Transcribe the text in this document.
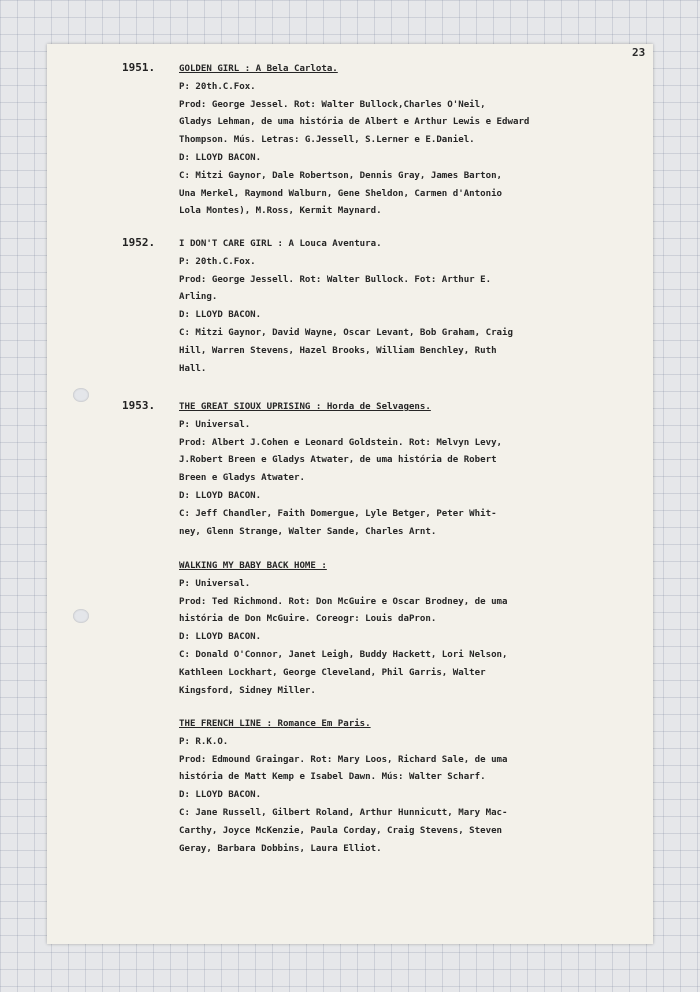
23
1951.	GOLDEN GIRL : A Bela Carlota.
P: 20th.C.Fox.
Prod: George Jessel. Rot: Walter Bullock,Charles O'Neil,
Gladys Lehman, de uma história de Albert e Arthur Lewis e Edward
Thompson. Mús. Letras: G.Jessell, S.Lerner e E.Daniel.
D: LLOYD BACON.
C: Mitzi Gaynor, Dale Robertson, Dennis Gray, James Barton,
Una Merkel, Raymond Walburn, Gene Sheldon, Carmen d'Antonio
Lola Montes), M.Ross, Kermit Maynard.
1952.	I DON'T CARE GIRL : A Louca Aventura.
P: 20th.C.Fox.
Prod: George Jessell. Rot: Walter Bullock. Fot: Arthur E.
Arling.
D: LLOYD BACON.
C: Mitzi Gaynor, David Wayne, Oscar Levant, Bob Graham, Craig
Hill, Warren Stevens, Hazel Brooks, William Benchley, Ruth
Hall.
1953.	THE GREAT SIOUX UPRISING : Horda de Selvagens.
P: Universal.
Prod: Albert J.Cohen e Leonard Goldstein. Rot: Melvyn Levy,
J.Robert Breen e Gladys Atwater, de uma história de Robert
Breen e Gladys Atwater.
D: LLOYD BACON.
C: Jeff Chandler, Faith Domergue, Lyle Betger, Peter Whit-
ney, Glenn Strange, Walter Sande, Charles Arnt.
WALKING MY BABY BACK HOME :
P: Universal.
Prod: Ted Richmond. Rot: Don McGuire e Oscar Brodney, de uma
história de Don McGuire. Coreogr: Louis daPron.
D: LLOYD BACON.
C: Donald O'Connor, Janet Leigh, Buddy Hackett, Lori Nelson,
Kathleen Lockhart, George Cleveland, Phil Garris, Walter
Kingsford, Sidney Miller.
THE FRENCH LINE : Romance Em Paris.
P: R.K.O.
Prod: Edmound Graingar. Rot: Mary Loos, Richard Sale, de uma
história de Matt Kemp e Isabel Dawn. Mús: Walter Scharf.
D: LLOYD BACON.
C: Jane Russell, Gilbert Roland, Arthur Hunnicutt, Mary Mac-
Carthy, Joyce McKenzie, Paula Corday, Craig Stevens, Steven
Geray, Barbara Dobbins, Laura Elliot.
